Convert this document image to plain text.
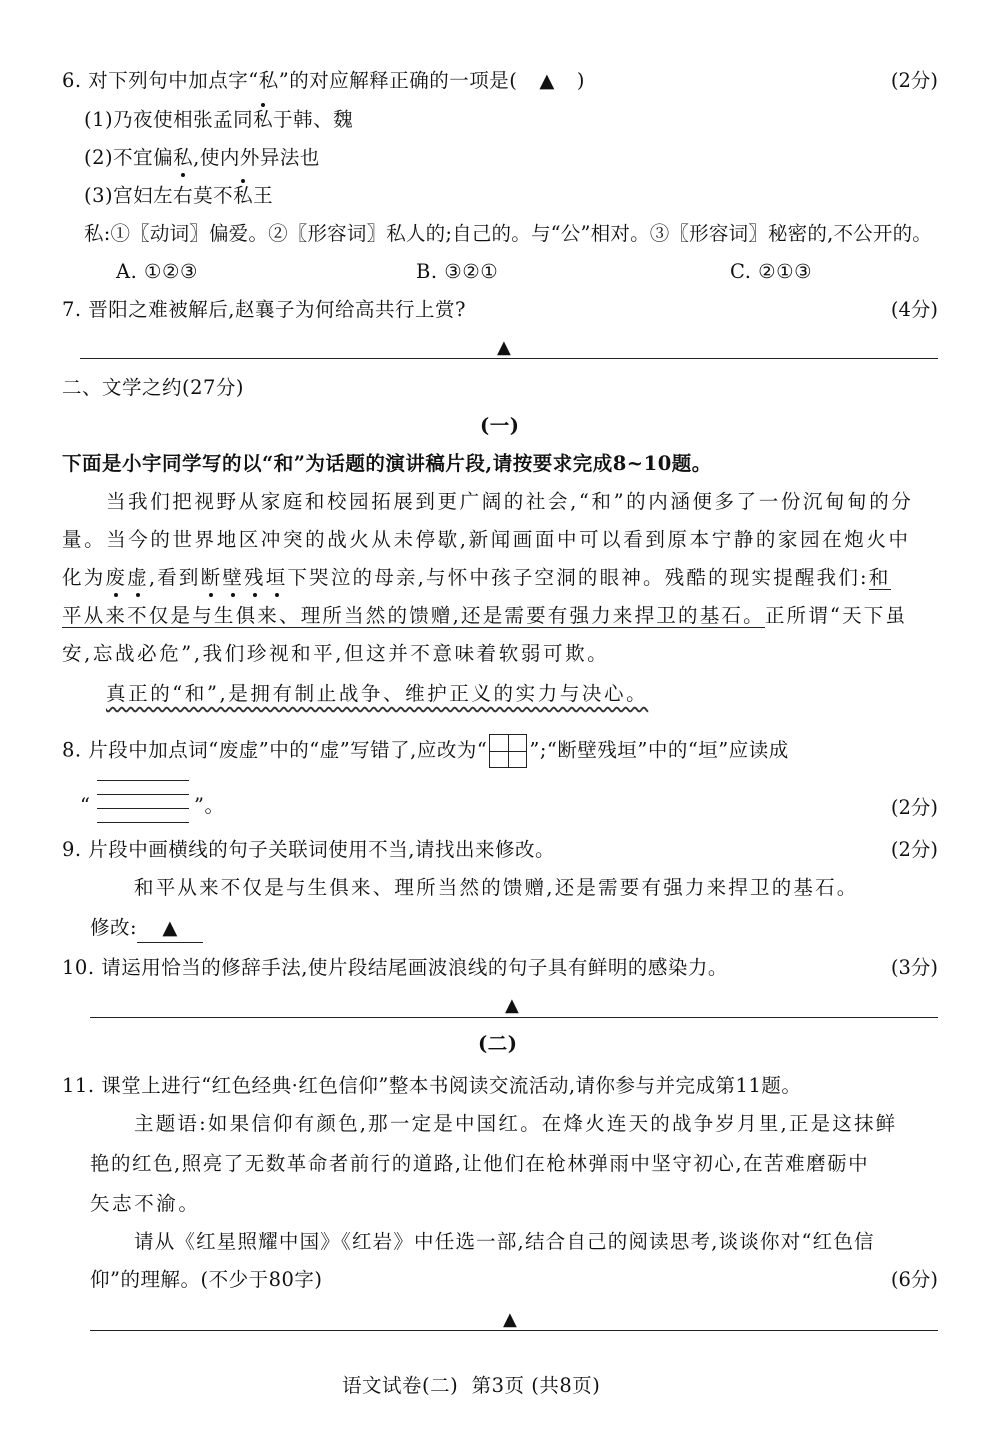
6. 对下列句中加点字“私”的对应解释正确的一项是( ▲ )	(2分)
(1)乃夜使相张孟同私于韩、魏
(2)不宜偏私,使内外异法也
(3)宫妇左右莫不私王
私:①〖动词〗偏爱。②〖形容词〗私人的;自己的。与“公”相对。③〖形容词〗秘密的,不公开的。
A. ①②③	B. ③②①	C. ②①③
7. 晋阳之难被解后,赵襄子为何给高共行上赏?	(4分)
▲
二、文学之约(27分)
(一)
下面是小宇同学写的以“和”为话题的演讲稿片段,请按要求完成8~10题。
当我们把视野从家庭和校园拓展到更广阔的社会,“和”的内涵便多了一份沉甸甸的分
量。当今的世界地区冲突的战火从未停歇,新闻画面中可以看到原本宁静的家园在炮火中
化为废虚,看到断壁残垣下哭泣的母亲,与怀中孩子空洞的眼神。残酷的现实提醒我们:和
平从来不仅是与生俱来、理所当然的馈赠,还是需要有强力来捍卫的基石。正所谓“天下虽
安,忘战必危”,我们珍视和平,但这并不意味着软弱可欺。
真正的“和”,是拥有制止战争、维护正义的实力与决心。
8. 片段中加点词“废虚”中的“虚”写错了,应改为“ ”;“断壁残垣”中的“垣”应读成
“	”。	(2分)
9. 片段中画横线的句子关联词使用不当,请找出来修改。	(2分)
和平从来不仅是与生俱来、理所当然的馈赠,还是需要有强力来捍卫的基石。
修改: ▲
10. 请运用恰当的修辞手法,使片段结尾画波浪线的句子具有鲜明的感染力。	(3分)
▲
(二)
11. 课堂上进行“红色经典·红色信仰”整本书阅读交流活动,请你参与并完成第11题。
主题语:如果信仰有颜色,那一定是中国红。在烽火连天的战争岁月里,正是这抹鲜
艳的红色,照亮了无数革命者前行的道路,让他们在枪林弹雨中坚守初心,在苦难磨砺中
矢志不渝。
请从《红星照耀中国》《红岩》中任选一部,结合自己的阅读思考,谈谈你对“红色信
仰”的理解。(不少于80字)	(6分)
▲
语文试卷(二)  第3页 (共8页)
